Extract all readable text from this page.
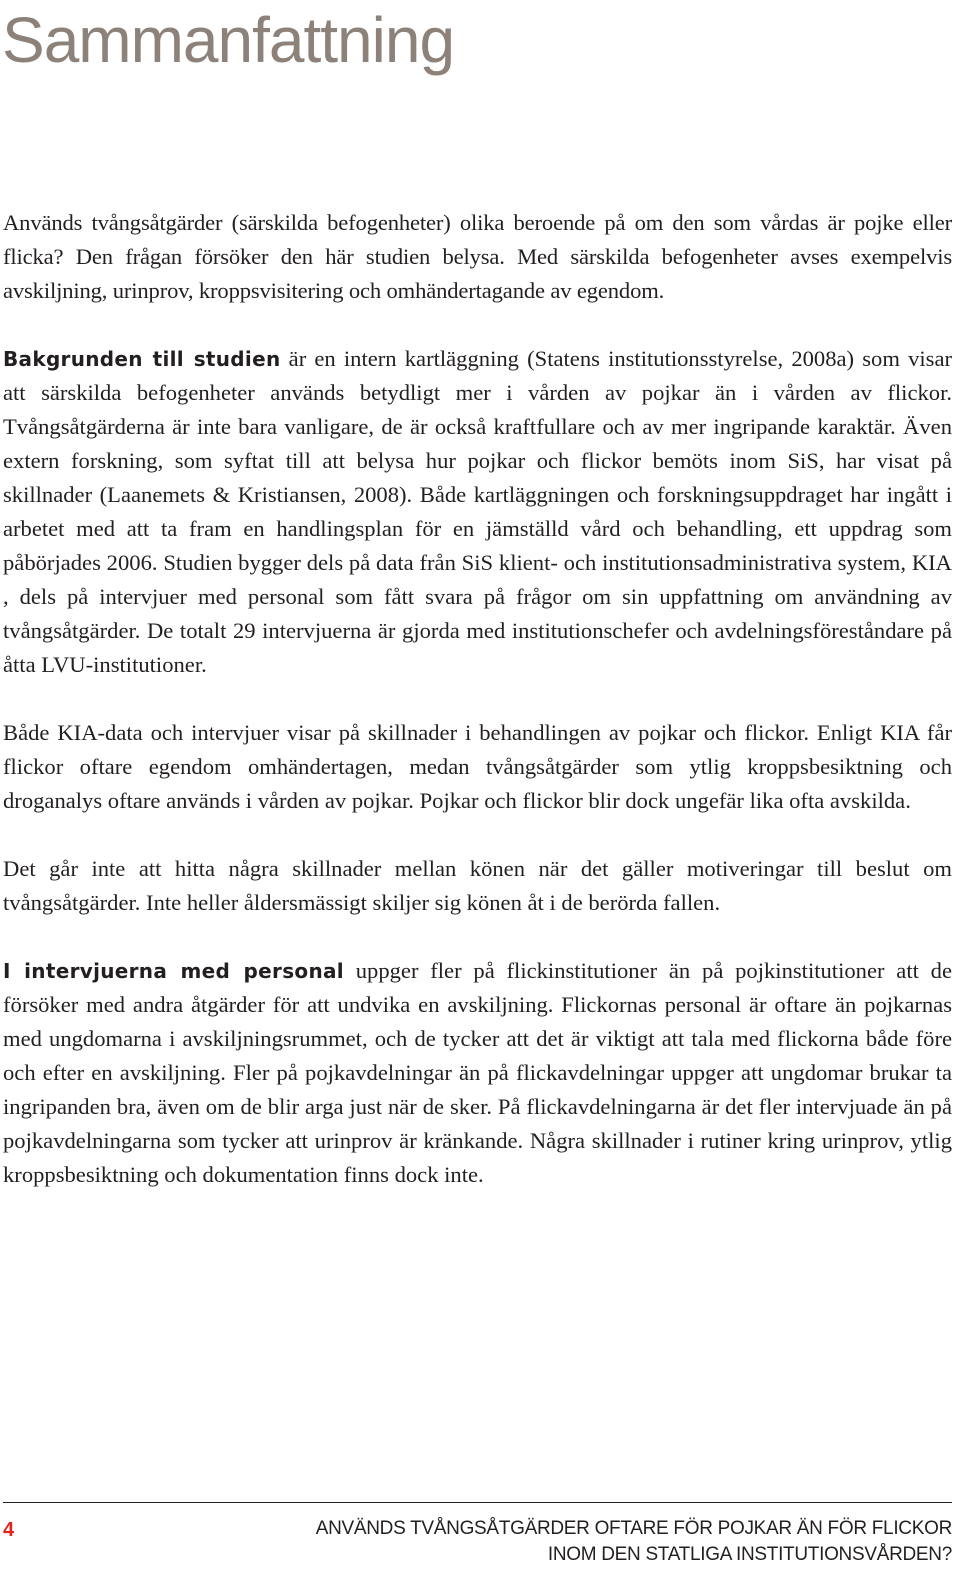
Sammanfattning

Används tvångsåtgärder (särskilda befogenheter) olika beroende på om den som vårdas är pojke eller flicka? Den frågan försöker den här studien belysa. Med särskilda befogenheter avses exempelvis avskiljning, urinprov, kroppsvisitering och omhändertagande av egendom.

Bakgrunden till studien är en intern kartläggning (Statens institutionsstyrelse, 2008a) som visar att särskilda befogenheter används betydligt mer i vården av pojkar än i vården av flickor. Tvångsåtgärderna är inte bara vanligare, de är också kraftfullare och av mer ingripande karaktär. Även extern forskning, som syftat till att belysa hur pojkar och flickor bemöts inom SiS, har visat på skillnader (Laanemets & Kristiansen, 2008). Både kartläggningen och forskningsuppdraget har ingått i arbetet med att ta fram en handlingsplan för en jämställd vård och behandling, ett uppdrag som påbörjades 2006. Studien bygger dels på data från SiS klient- och institutionsadministrativa system, KIA , dels på intervjuer med personal som fått svara på frågor om sin uppfattning om användning av tvångsåtgärder. De totalt 29 intervjuerna är gjorda med institutionschefer och avdelningsföreståndare på åtta LVU-institutioner.

Både KIA-data och intervjuer visar på skillnader i behandlingen av pojkar och flickor. Enligt KIA får flickor oftare egendom omhändertagen, medan tvångsåtgärder som ytlig kroppsbesiktning och droganalys oftare används i vården av pojkar. Pojkar och flickor blir dock ungefär lika ofta avskilda.

Det går inte att hitta några skillnader mellan könen när det gäller motiveringar till beslut om tvångsåtgärder. Inte heller åldersmässigt skiljer sig könen åt i de berörda fallen.

I intervjuerna med personal uppger fler på flickinstitutioner än på pojkinstitutioner att de försöker med andra åtgärder för att undvika en avskiljning. Flickornas personal är oftare än pojkarnas med ungdomarna i avskiljningsrummet, och de tycker att det är viktigt att tala med flickorna både före och efter en avskiljning. Fler på pojkavdelningar än på flickavdelningar uppger att ungdomar brukar ta ingripanden bra, även om de blir arga just när de sker. På flickavdelningarna är det fler intervjuade än på pojkavdelningarna som tycker att urinprov är kränkande. Några skillnader i rutiner kring urinprov, ytlig kroppsbesiktning och dokumentation finns dock inte.

4	ANVÄNDS TVÅNGSÅTGÄRDER OFTARE FÖR POJKAR ÄN FÖR FLICKOR
INOM DEN STATLIGA INSTITUTIONSVÅRDEN?
